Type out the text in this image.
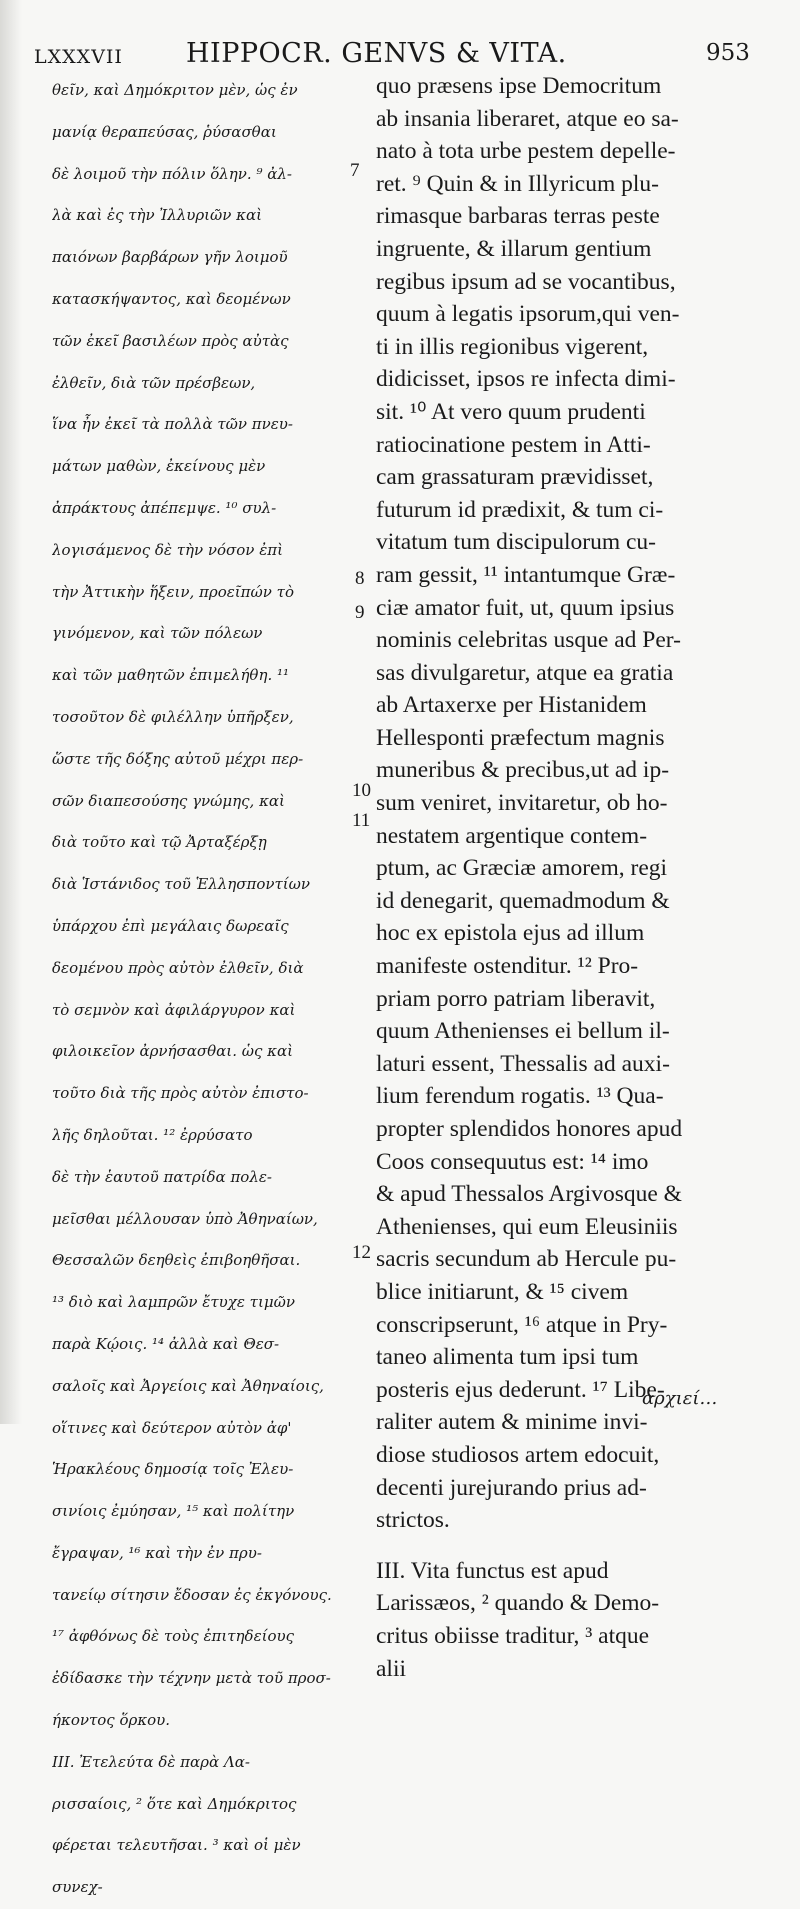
LXXXVII HIPPOCR. GENVS & VITA.	953
θεῖν, καὶ Δημόκριτον μὲν, ὡς ἐν
μανίᾳ θεραπεύσας, ῥύσασθαι
δὲ λοιμοῦ τὴν πόλιν ὅλην. ⁹ ἀλ-
λὰ καὶ ἐς τὴν Ἰλλυριῶν καὶ
παιόνων βαρβάρων γῆν λοιμοῦ
κατασκήψαντος, καὶ δεομένων
τῶν ἐκεῖ βασιλέων πρὸς αὐτὰς
ἐλθεῖν, διὰ τῶν πρέσβεων,
ἵνα ἦν ἐκεῖ τὰ πολλὰ τῶν πνευ-
μάτων μαθὼν, ἐκείνους μὲν
ἀπράκτους ἀπέπεμψε. ¹⁰ συλ-
λογισάμενος δὲ τὴν νόσον ἐπὶ
τὴν Ἀττικὴν ἥξειν, προεῖπών τὸ
γινόμενον, καὶ τῶν πόλεων
καὶ τῶν μαθητῶν ἐπιμελήθη. ¹¹
τοσοῦτον δὲ φιλέλλην ὑπῆρξεν,
ὥστε τῆς δόξης αὐτοῦ μέχρι περ-
σῶν διαπεσούσης γνώμης, καὶ
διὰ τοῦτο καὶ τῷ Ἀρταξέρξῃ
διὰ Ἱστάνιδος τοῦ Ἑλλησποντίων
ὑπάρχου ἐπὶ μεγάλαις δωρεαῖς
δεομένου πρὸς αὐτὸν ἐλθεῖν, διὰ
τὸ σεμνὸν καὶ ἀφιλάργυρον καὶ
φιλοικεῖον ἀρνήσασθαι. ὡς καὶ
τοῦτο διὰ τῆς πρὸς αὐτὸν ἐπιστο-
λῆς δηλοῦται. ¹² ἐρρύσατο
δὲ τὴν ἑαυτοῦ πατρίδα πολε-
μεῖσθαι μέλλουσαν ὑπὸ Ἀθηναίων,
Θεσσαλῶν δεηθεὶς ἐπιβοηθῆσαι.
¹³ διὸ καὶ λαμπρῶν ἔτυχε τιμῶν
παρὰ Κῴοις. ¹⁴ ἀλλὰ καὶ Θεσ-
σαλοῖς καὶ Ἀργείοις καὶ Ἀθηναίοις,
οἵτινες καὶ δεύτερον αὐτὸν ἀφ'
Ἡρακλέους δημοσίᾳ τοῖς Ἐλευ-
σινίοις ἐμύησαν, ¹⁵ καὶ πολίτην
ἔγραψαν, ¹⁶ καὶ τὴν ἐν πρυ-
τανείῳ σίτησιν ἔδοσαν ἐς ἐκγόνους.
¹⁷ ἀφθόνως δὲ τοὺς ἐπιτηδείους
ἐδίδασκε τὴν τέχνην μετὰ τοῦ προσ-
ήκοντος ὅρκου.
ΙΙΙ. Ἐτελεύτα δὲ παρὰ Λα-
ρισσαίοις, ² ὅτε καὶ Δημόκριτος
φέρεται τελευτῆσαι. ³ καὶ οἱ μὲν
συνεχ-
quo præsens ipse Democritum
ab insania liberaret, atque eo sa-
nato à tota urbe pestem depelle-
ret. ⁹ Quin & in Illyricum plu-
rimasque barbaras terras peste
ingruente, & illarum gentium
regibus ipsum ad se vocantibus,
quum à legatis ipsorum,qui ven-
ti in illis regionibus vigerent,
didicisset, ipsos re infecta dimi-
sit. ¹⁰ At vero quum prudenti
ratiocinatione pestem in Atti-
cam grassaturam prævidisset,
futurum id prædixit, & tum ci-
vitatum tum discipulorum cu-
ram gessit, ¹¹ intantumque Græ-
ciæ amator fuit, ut, quum ipsius
nominis celebritas usque ad Per-
sas divulgaretur, atque ea gratia
ab Artaxerxe per Histanidem
Hellesponti præfectum magnis
muneribus & precibus,ut ad ip-
sum veniret, invitaretur, ob ho-
nestatem argentique contem-
ptum, ac Græciæ amorem, regi
id denegarit, quemadmodum &
hoc ex epistola ejus ad illum
manifeste ostenditur. ¹² Pro-
priam porro patriam liberavit,
quum Athenienses ei bellum il-
laturi essent, Thessalis ad auxi-
lium ferendum rogatis. ¹³ Qua-
propter splendidos honores apud
Coos consequutus est: ¹⁴ imo
& apud Thessalos Argivosque &
Athenienses, qui eum Eleusiniis
sacris secundum ab Hercule pu-
blice initiarunt, & ¹⁵ civem
conscripserunt, ¹⁶ atque in Pry-
taneo alimenta tum ipsi tum
posteris ejus dederunt. ¹⁷ Libe-
raliter autem & minime invi-
diose studiosos artem edocuit,
decenti jurejurando prius ad-
strictos.
III. Vita functus est apud
Larissæos, ² quando & Demo-
critus obiisse traditur, ³ atque
alii
7
8
9
10
11
12
ἀρχιεί…
